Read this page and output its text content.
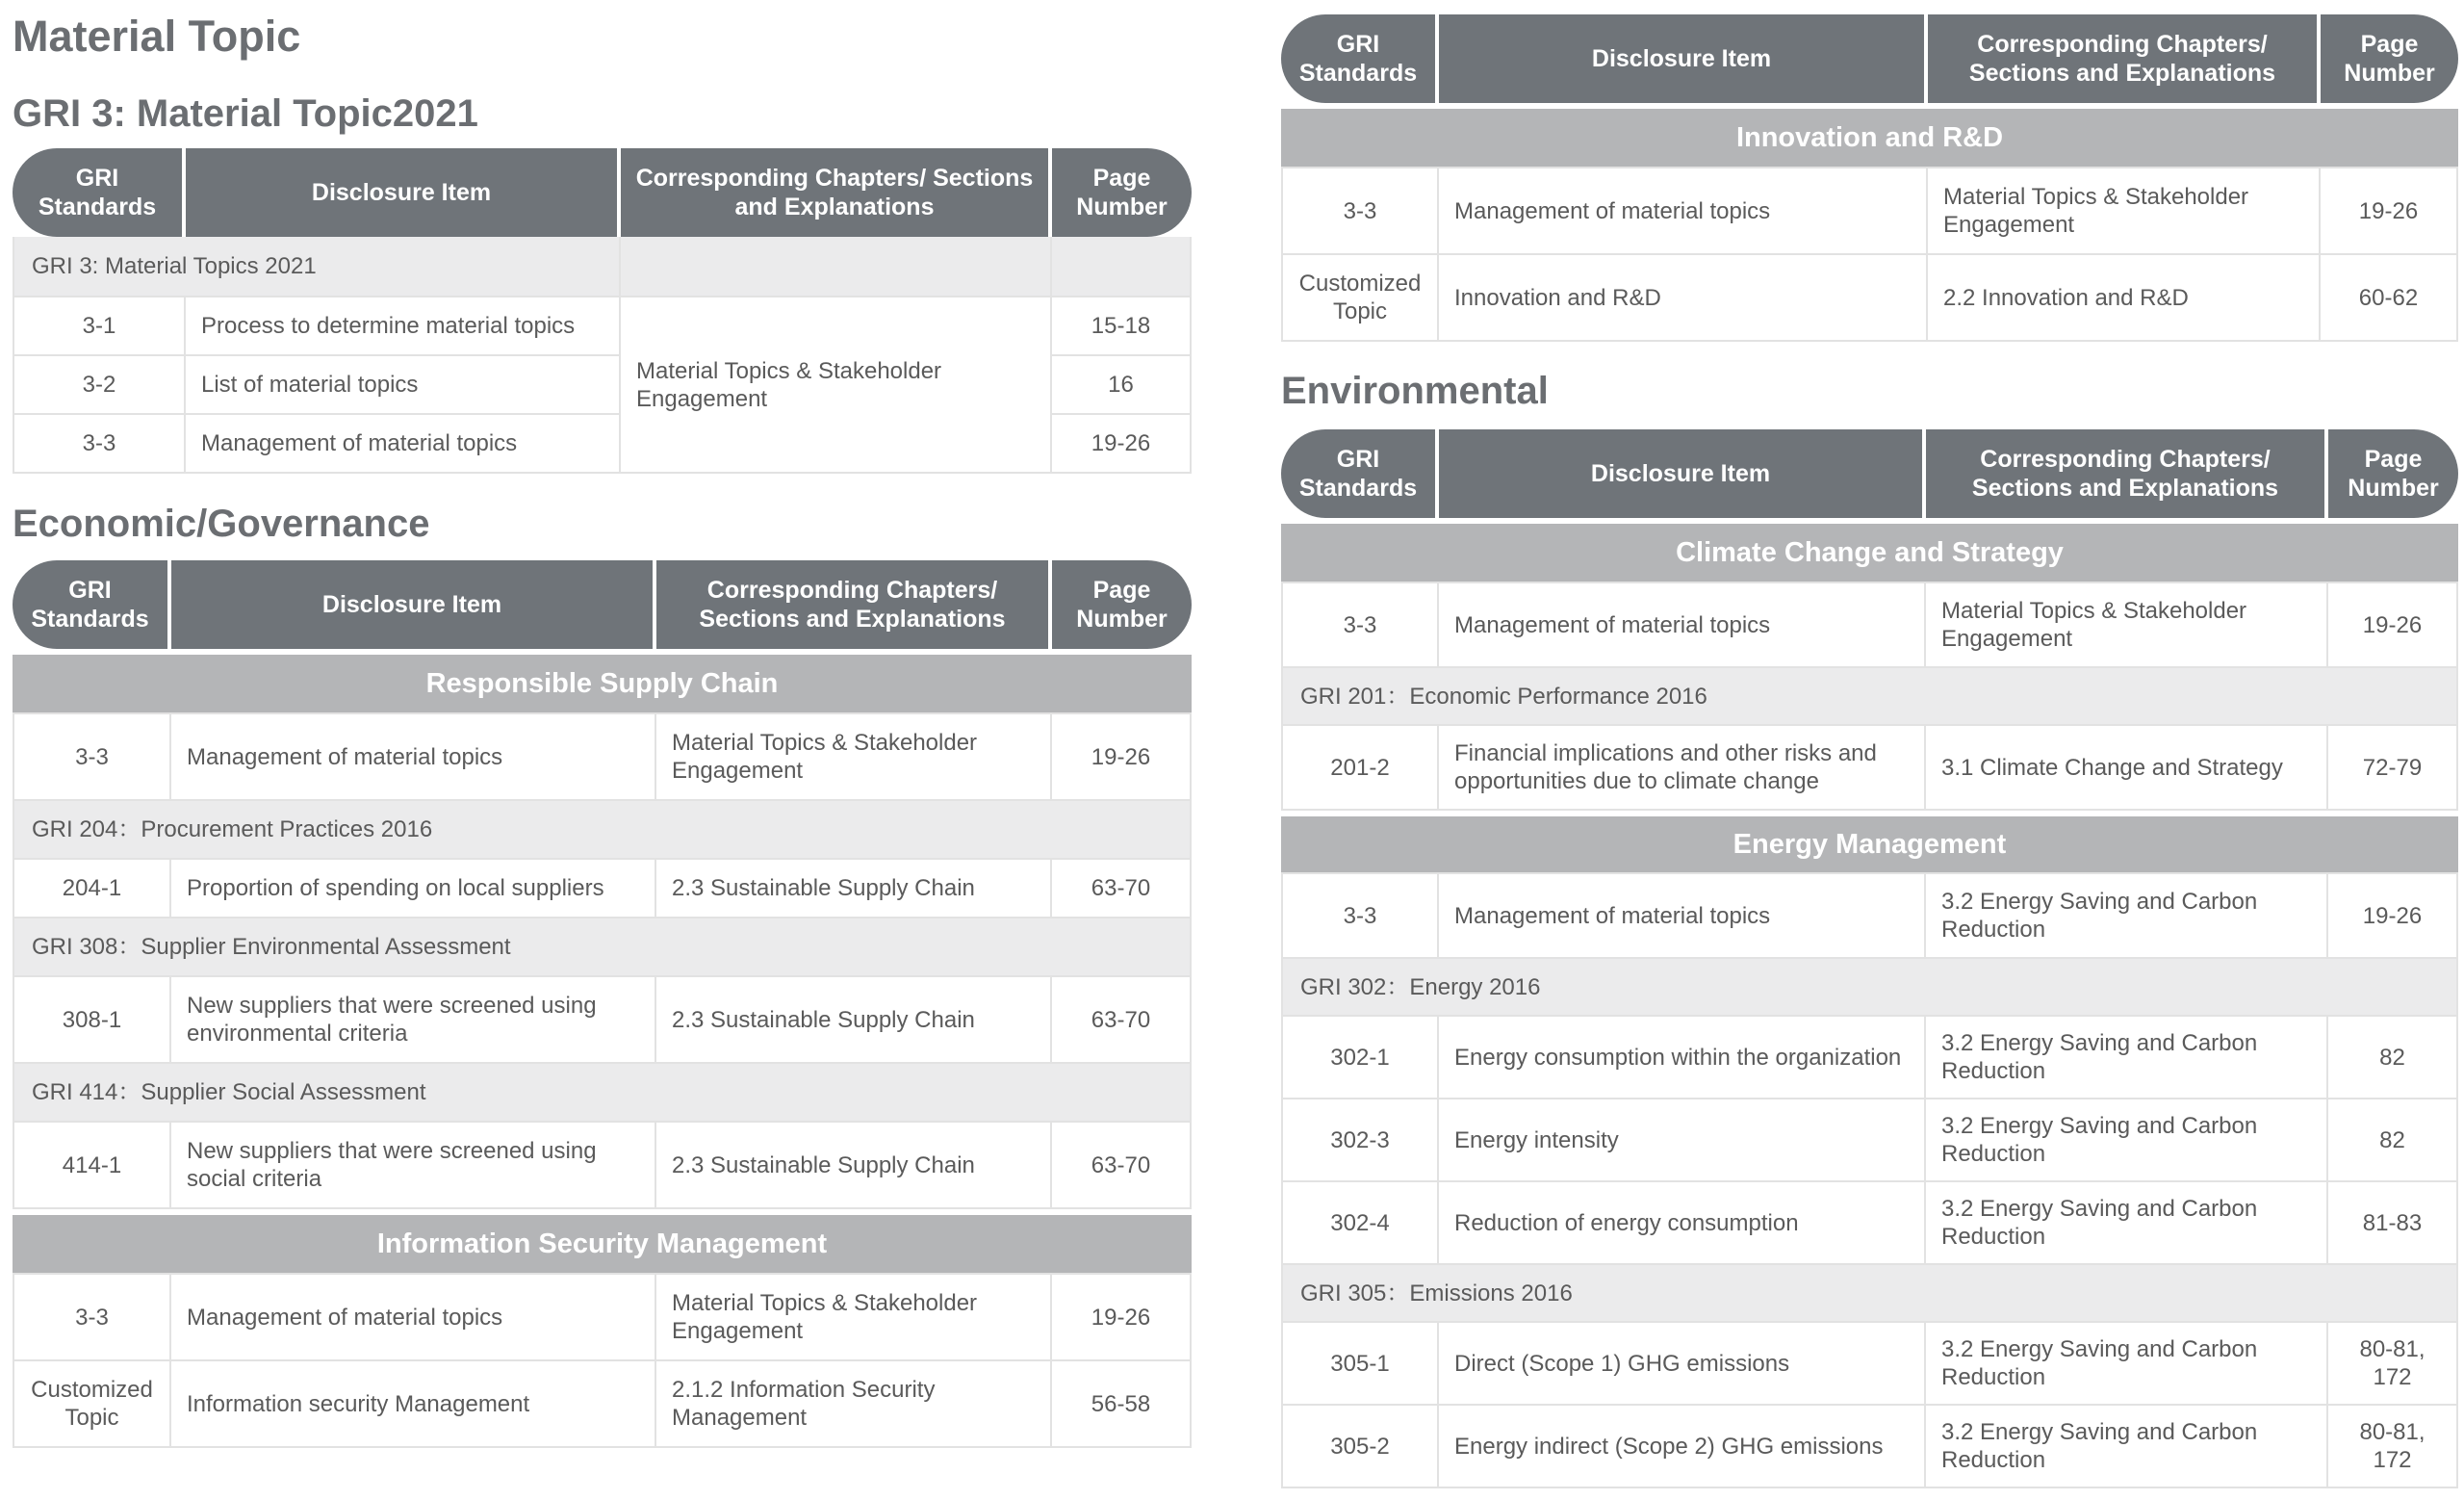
Material Topic
GRI 3: Material Topic2021
GRI Standards	Disclosure Item	Corresponding Chapters/ Sections and Explanations	Page Number
GRI 3: Material Topics 2021			
3-1	Process to determine material topics	Material Topics & Stakeholder Engagement	15-18
3-2	List of material topics		16
3-3	Management of material topics		19-26
Economic/Governance
GRI Standards	Disclosure Item	Corresponding Chapters/ Sections and Explanations	Page Number
Responsible Supply Chain			
3-3	Management of material topics	Material Topics & Stakeholder Engagement	19-26
GRI 204：Procurement Practices 2016			
204-1	Proportion of spending on local suppliers	2.3 Sustainable Supply Chain	63-70
GRI 308：Supplier Environmental Assessment			
308-1	New suppliers that were screened using environmental criteria	2.3 Sustainable Supply Chain	63-70
GRI 414：Supplier Social Assessment			
414-1	New suppliers that were screened using social criteria	2.3 Sustainable Supply Chain	63-70
Information Security Management			
3-3	Management of material topics	Material Topics & Stakeholder Engagement	19-26
Customized Topic	Information security Management	2.1.2 Information Security Management	56-58
GRI Standards	Disclosure Item	Corresponding Chapters/ Sections and Explanations	Page Number
Innovation and R&D			
3-3	Management of material topics	Material Topics & Stakeholder Engagement	19-26
Customized Topic	Innovation and R&D	2.2 Innovation and R&D	60-62
Environmental
GRI Standards	Disclosure Item	Corresponding Chapters/ Sections and Explanations	Page Number
Climate Change and Strategy			
3-3	Management of material topics	Material Topics & Stakeholder Engagement	19-26
GRI 201：Economic Performance 2016			
201-2	Financial implications and other risks and opportunities due to climate change	3.1 Climate Change and Strategy	72-79
Energy Management			
3-3	Management of material topics	3.2 Energy Saving and Carbon Reduction	19-26
GRI 302：Energy 2016			
302-1	Energy consumption within the organization	3.2 Energy Saving and Carbon Reduction	82
302-3	Energy intensity	3.2 Energy Saving and Carbon Reduction	82
302-4	Reduction of energy consumption	3.2 Energy Saving and Carbon Reduction	81-83
GRI 305：Emissions 2016			
305-1	Direct (Scope 1) GHG emissions	3.2 Energy Saving and Carbon Reduction	80-81, 172
305-2	Energy indirect (Scope 2) GHG emissions	3.2 Energy Saving and Carbon Reduction	80-81, 172
